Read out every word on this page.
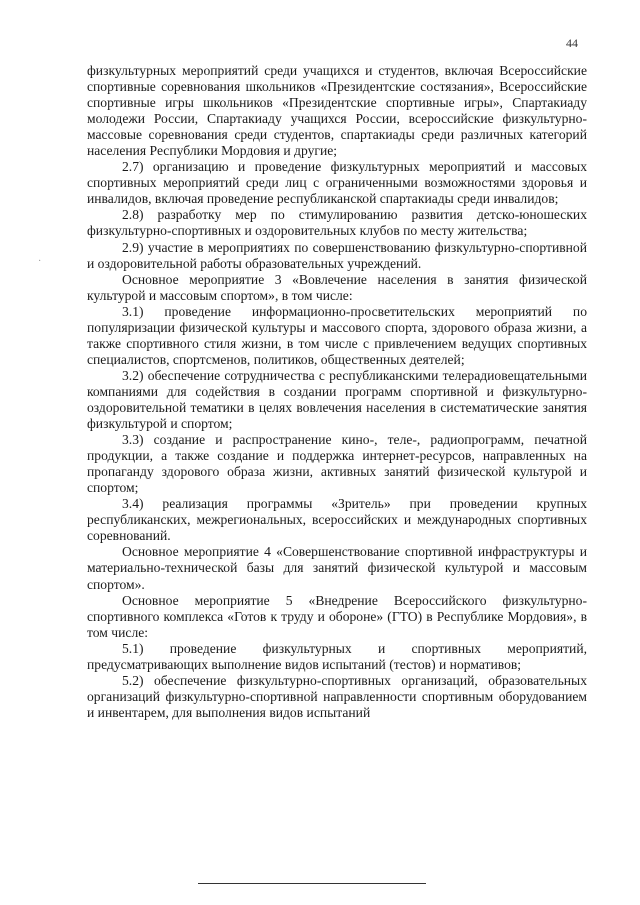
44
·

физкультурных мероприятий среди учащихся и студентов, включая Всероссийские спортивные соревнования школьников «Президентские состязания», Всероссийские спортивные игры школьников «Президентские спортивные игры», Спартакиаду молодежи России, Спартакиаду учащихся России, всероссийские физкультурно-массовые соревнования среди студентов, спартакиады среди различных категорий населения Республики Мордовия и другие;

2.7) организацию и проведение физкультурных мероприятий и массовых спортивных мероприятий среди лиц с ограниченными возможностями здоровья и инвалидов, включая проведение республиканской спартакиады среди инвалидов;

2.8) разработку мер по стимулированию развития детско-юношеских физкультурно-спортивных и оздоровительных клубов по месту жительства;

2.9) участие в мероприятиях по совершенствованию физкультурно-спортивной и оздоровительной работы образовательных учреждений.

Основное мероприятие 3 «Вовлечение населения в занятия физической культурой и массовым спортом», в том числе:

3.1) проведение информационно-просветительских мероприятий по популяризации физической культуры и массового спорта, здорового образа жизни, а также спортивного стиля жизни, в том числе с привлечением ведущих спортивных специалистов, спортсменов, политиков, общественных деятелей;

3.2) обеспечение сотрудничества с республиканскими телерадиовещательными компаниями для содействия в создании программ спортивной и физкультурно-оздоровительной тематики в целях вовлечения населения в систематические занятия физкультурой и спортом;

3.3) создание и распространение кино-, теле-, радиопрограмм, печатной продукции, а также создание и поддержка интернет-ресурсов, направленных на пропаганду здорового образа жизни, активных занятий физической культурой и спортом;

3.4) реализация программы «Зритель» при проведении крупных республиканских, межрегиональных, всероссийских и международных спортивных соревнований.

Основное мероприятие 4 «Совершенствование спортивной инфраструктуры и материально-технической базы для занятий физической культурой и массовым спортом».

Основное мероприятие 5 «Внедрение Всероссийского физкультурно-спортивного комплекса «Готов к труду и обороне» (ГТО) в Республике Мордовия», в том числе:

5.1) проведение физкультурных и спортивных мероприятий, предусматривающих выполнение видов испытаний (тестов) и нормативов;

5.2) обеспечение физкультурно-спортивных организаций, образовательных организаций физкультурно-спортивной направленности спортивным оборудованием и инвентарем, для выполнения видов испытаний
